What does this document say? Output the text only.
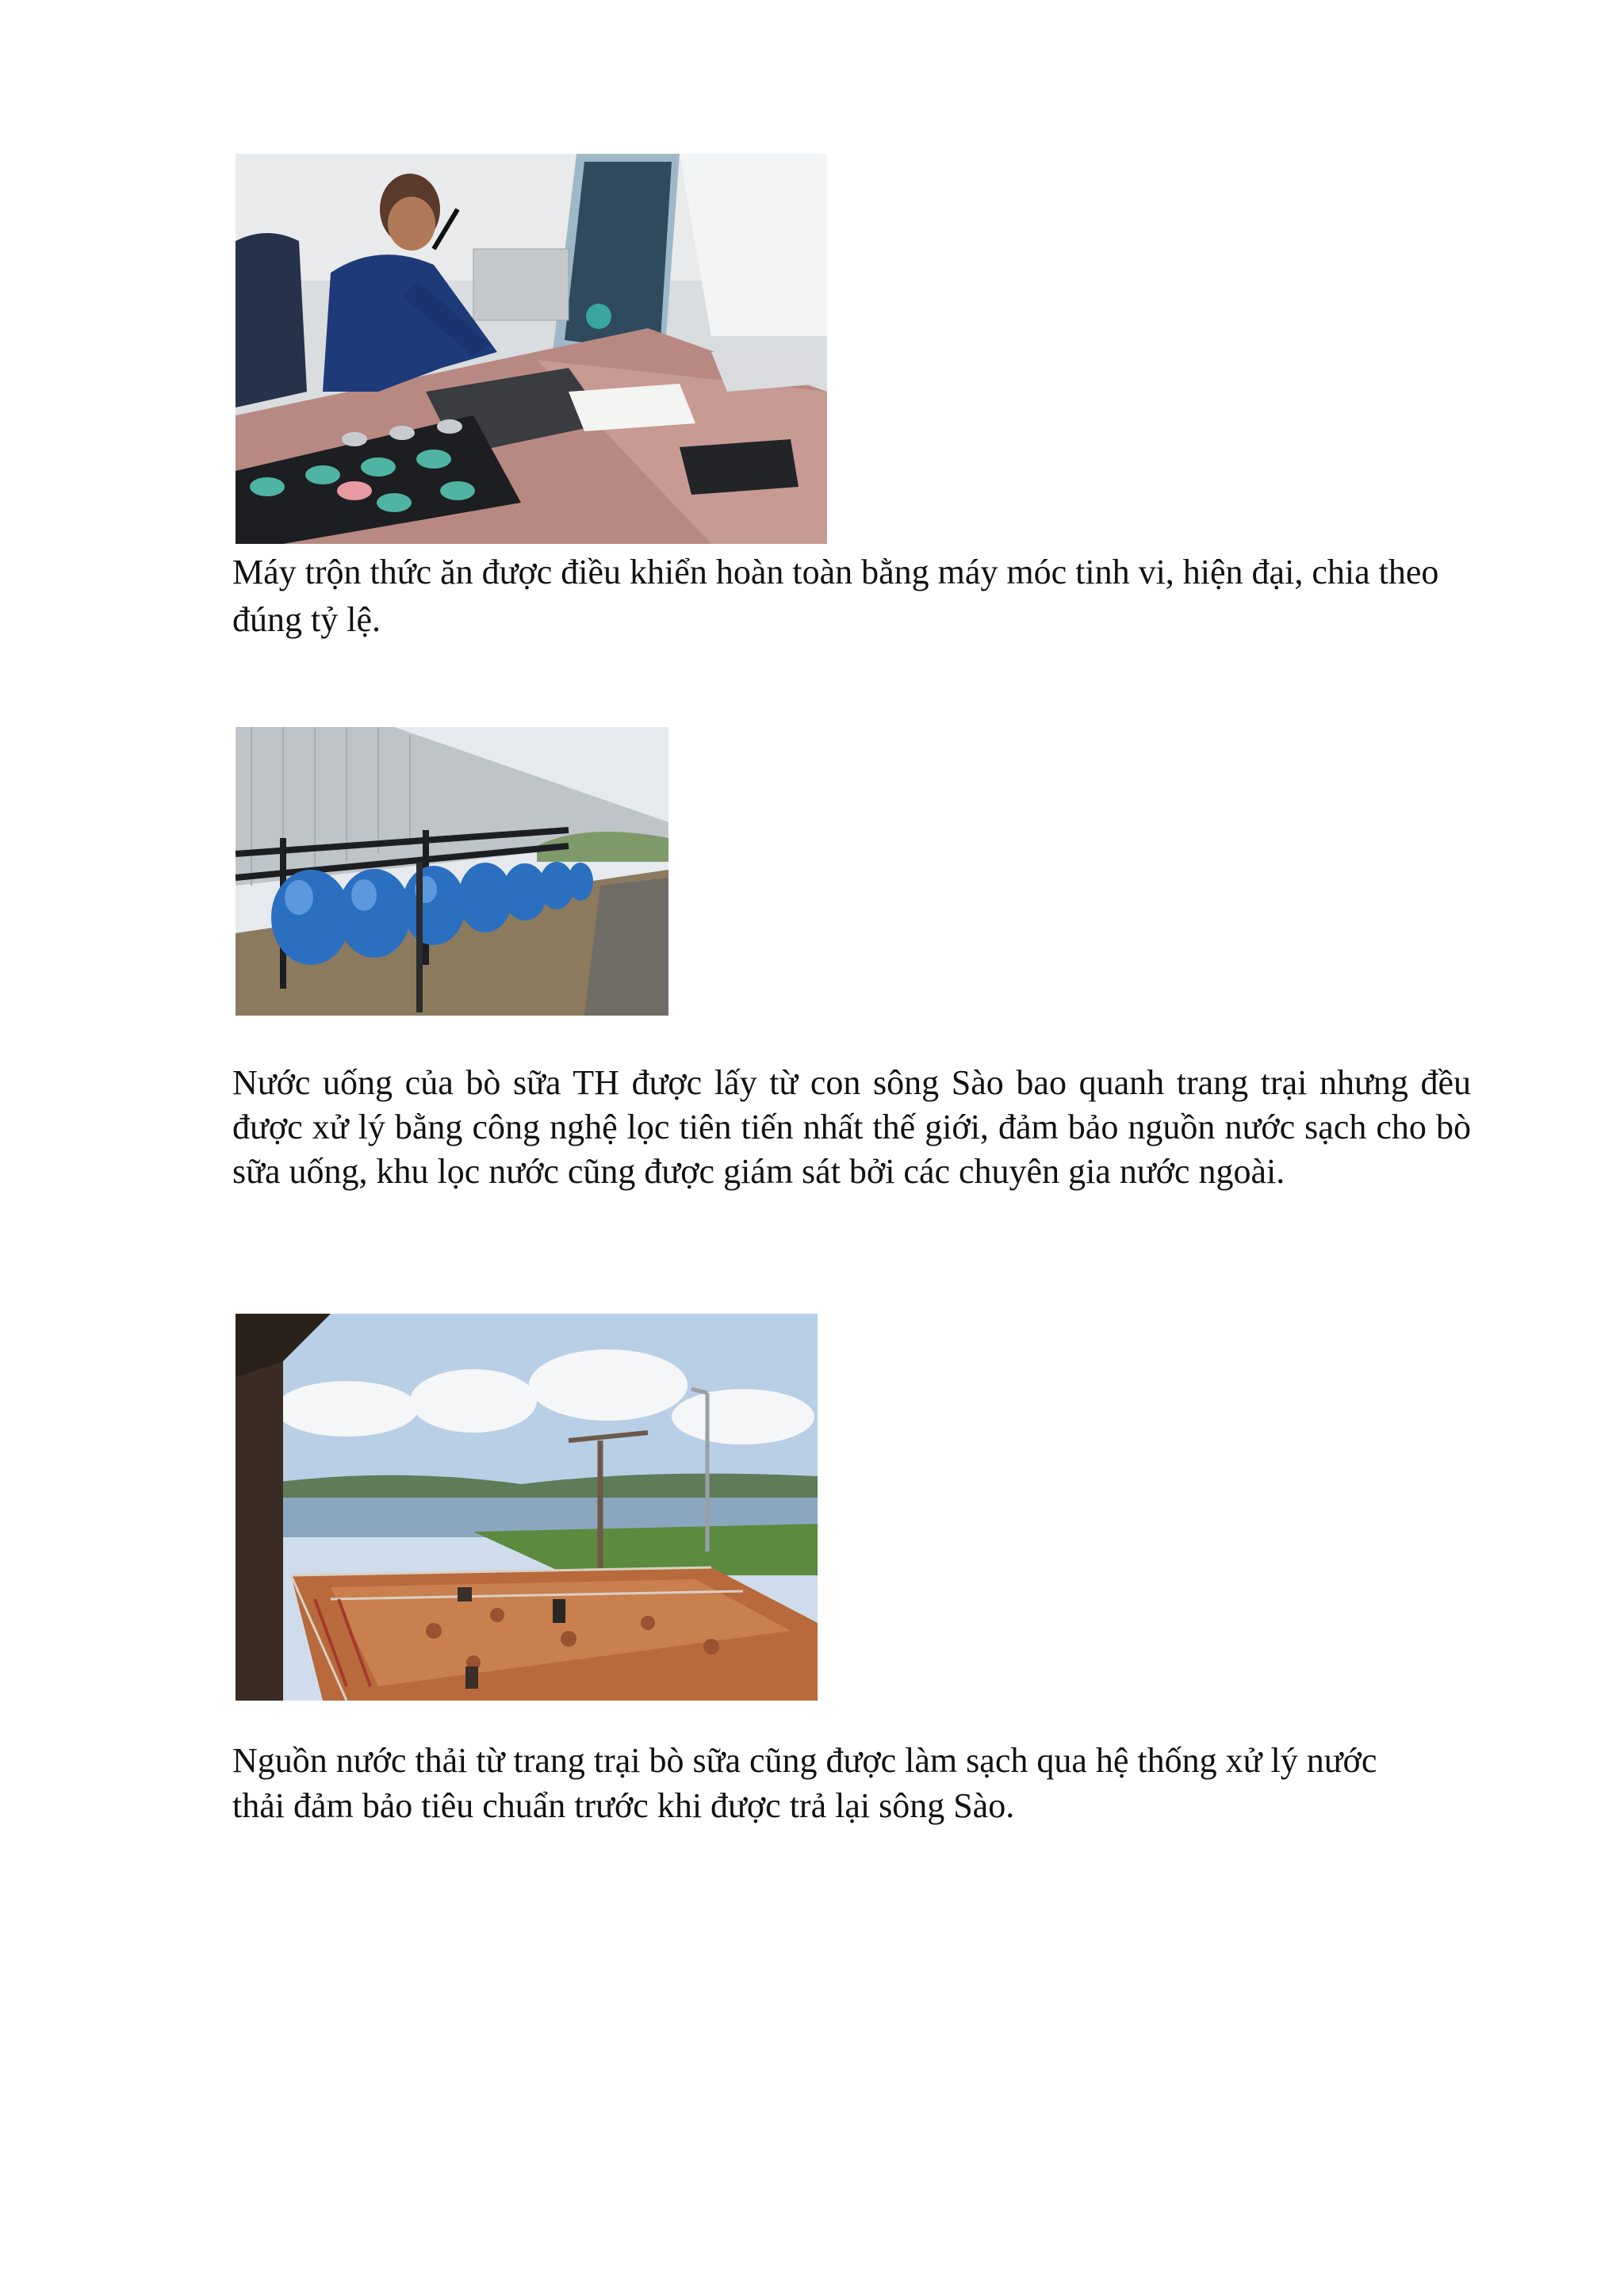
Máy trộn thức ăn được điều khiển hoàn toàn bằng máy móc tinh vi, hiện đại, chia theo đúng tỷ lệ.

Nước uống của bò sữa TH được lấy từ con sông Sào bao quanh trang trại nhưng đều được xử lý bằng công nghệ lọc tiên tiến nhất thế giới, đảm bảo nguồn nước sạch cho bò sữa uống, khu lọc nước cũng được giám sát bởi các chuyên gia nước ngoài.

Nguồn nước thải từ trang trại bò sữa cũng được làm sạch qua hệ thống xử lý nước thải đảm bảo tiêu chuẩn trước khi được trả lại sông Sào.
